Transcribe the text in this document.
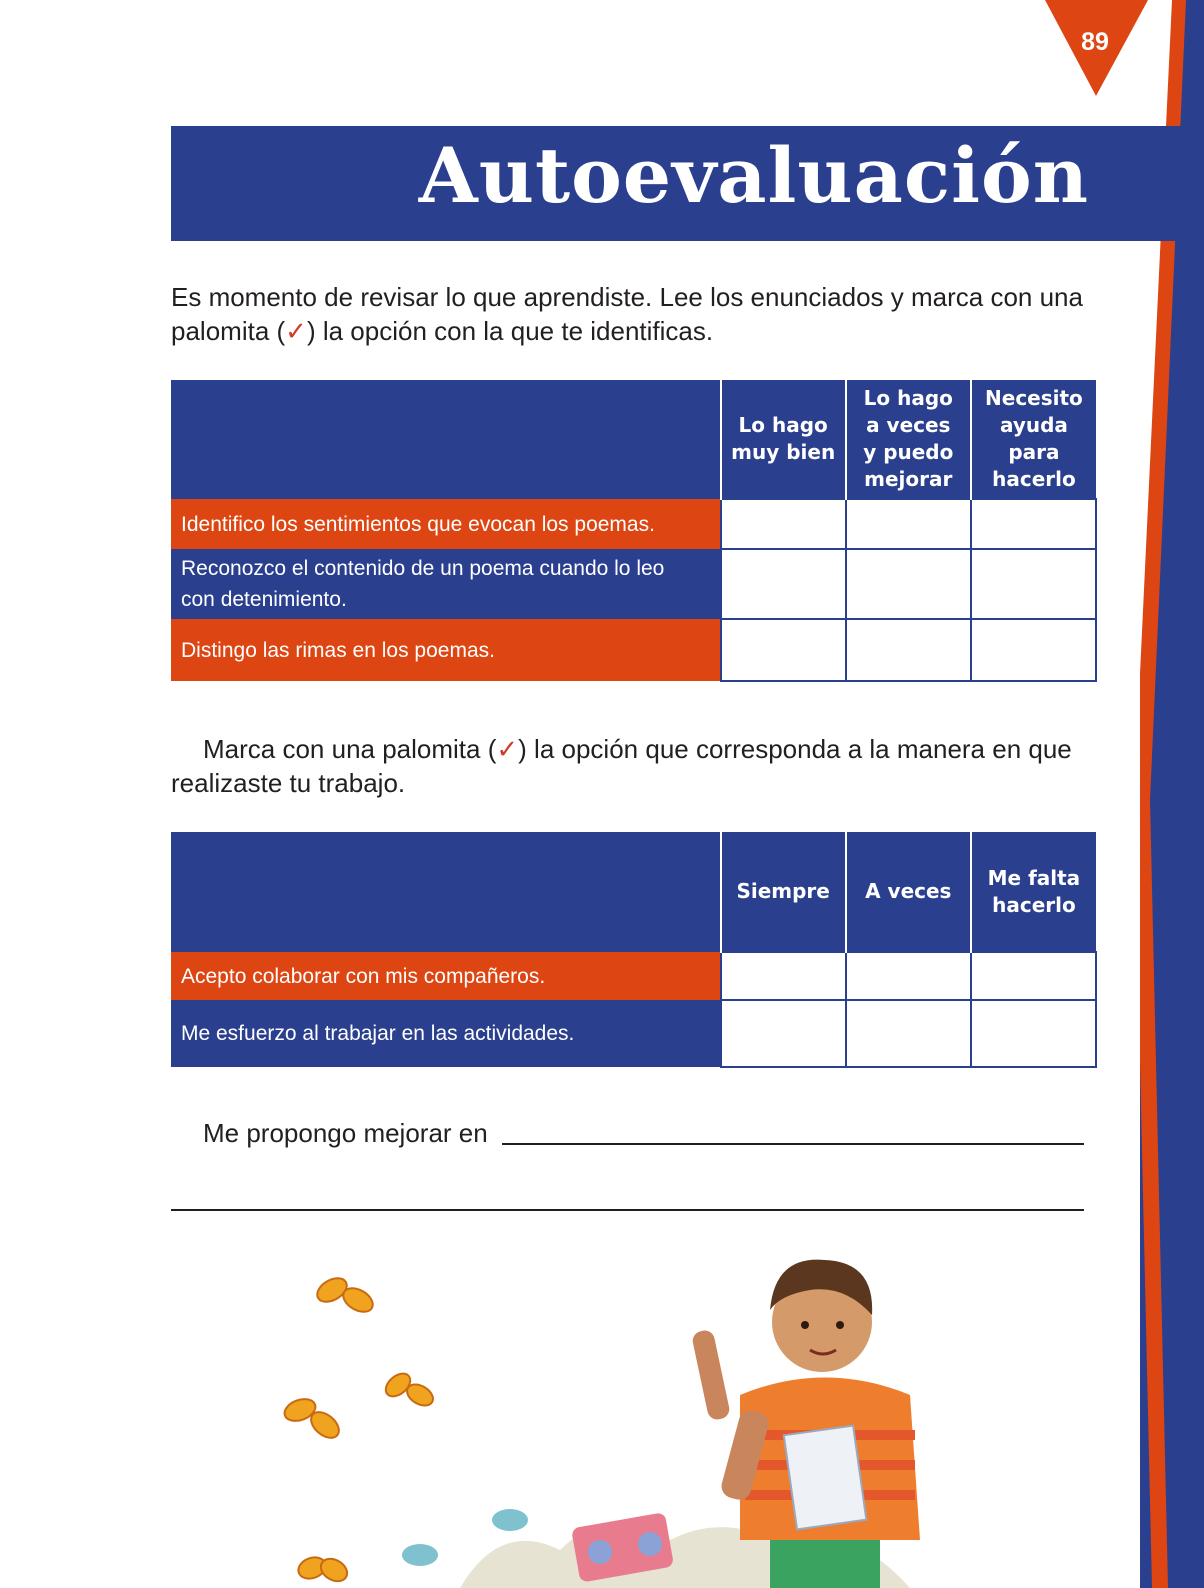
89
Autoevaluación

Es momento de revisar lo que aprendiste. Lee los enunciados y marca con una palomita (✓) la opción con la que te identificas.

	Lo hago
muy bien	Lo hago
a veces
y puedo
mejorar	Necesito
ayuda
para
hacerlo
Identifico los sentimientos que evocan los poemas.			
Reconozco el contenido de un poema cuando lo leo
con detenimiento.			
Distingo las rimas en los poemas.			

Marca con una palomita (✓) la opción que corresponda a la manera en que realizaste tu trabajo.

	Siempre	A veces	Me falta
hacerlo
Acepto colaborar con mis compañeros.			
Me esfuerzo al trabajar en las actividades.			
Me propongo mejorar en
